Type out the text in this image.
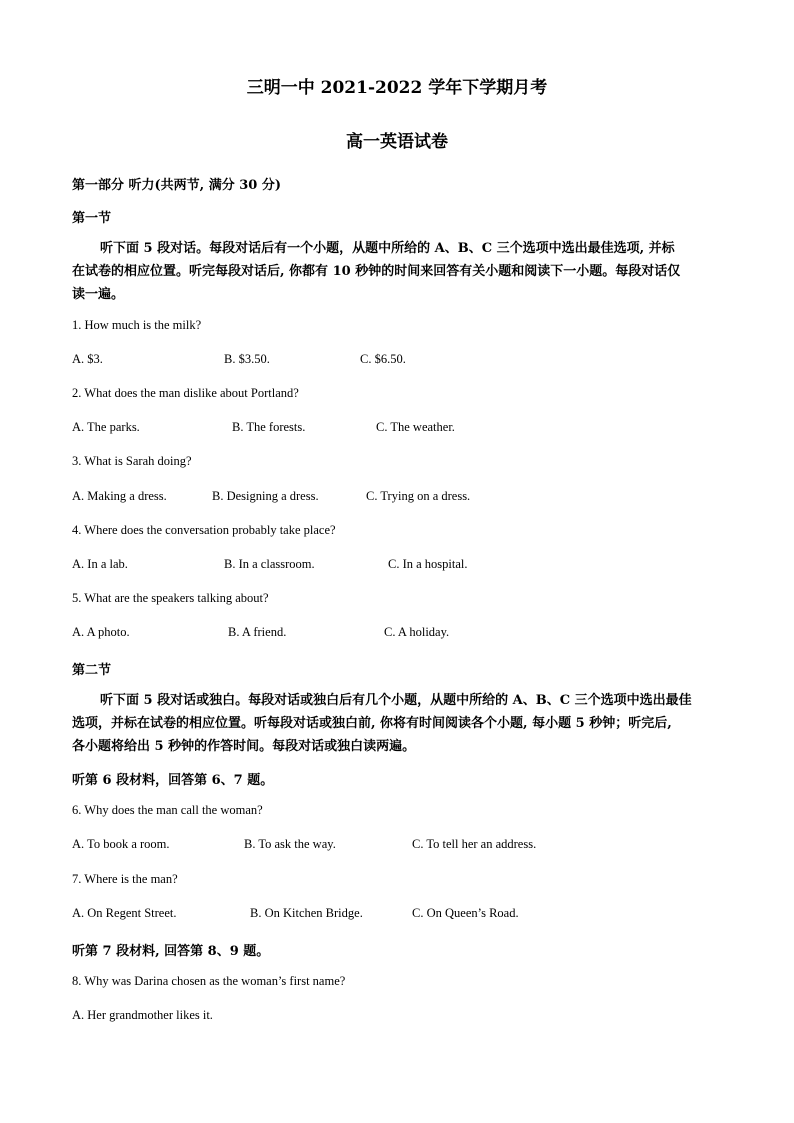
三明一中 2021-2022 学年下学期月考
高一英语试卷
第一部分 听力(共两节, 满分 30 分)
第一节
听下面 5 段对话。每段对话后有一个小题，从题中所给的 A、B、C 三个选项中选出最佳选项, 并标
在试卷的相应位置。听完每段对话后, 你都有 10 秒钟的时间来回答有关小题和阅读下一小题。每段对话仅
读一遍。
1. How much is the milk?
A. $3.	B. $3.50.	C. $6.50.
2. What does the man dislike about Portland?
A. The parks.	B. The forests.	C. The weather.
3. What is Sarah doing?
A. Making a dress.	B. Designing a dress.	C. Trying on a dress.
4. Where does the conversation probably take place?
A. In a lab.	B. In a classroom.	C. In a hospital.
5. What are the speakers talking about?
A. A photo.	B. A friend.	C. A holiday.
第二节
听下面 5 段对话或独白。每段对话或独白后有几个小题，从题中所给的 A、B、C 三个选项中选出最佳
选项，并标在试卷的相应位置。听每段对话或独白前, 你将有时间阅读各个小题, 每小题 5 秒钟；听完后,
各小题将给出 5 秒钟的作答时间。每段对话或独白读两遍。
听第 6 段材料，回答第 6、7 题。
6. Why does the man call the woman?
A. To book a room.	B. To ask the way.	C. To tell her an address.
7. Where is the man?
A. On Regent Street.	B. On Kitchen Bridge.	C. On Queen’s Road.
听第 7 段材料, 回答第 8、9 题。
8. Why was Darina chosen as the woman’s first name?
A. Her grandmother likes it.
